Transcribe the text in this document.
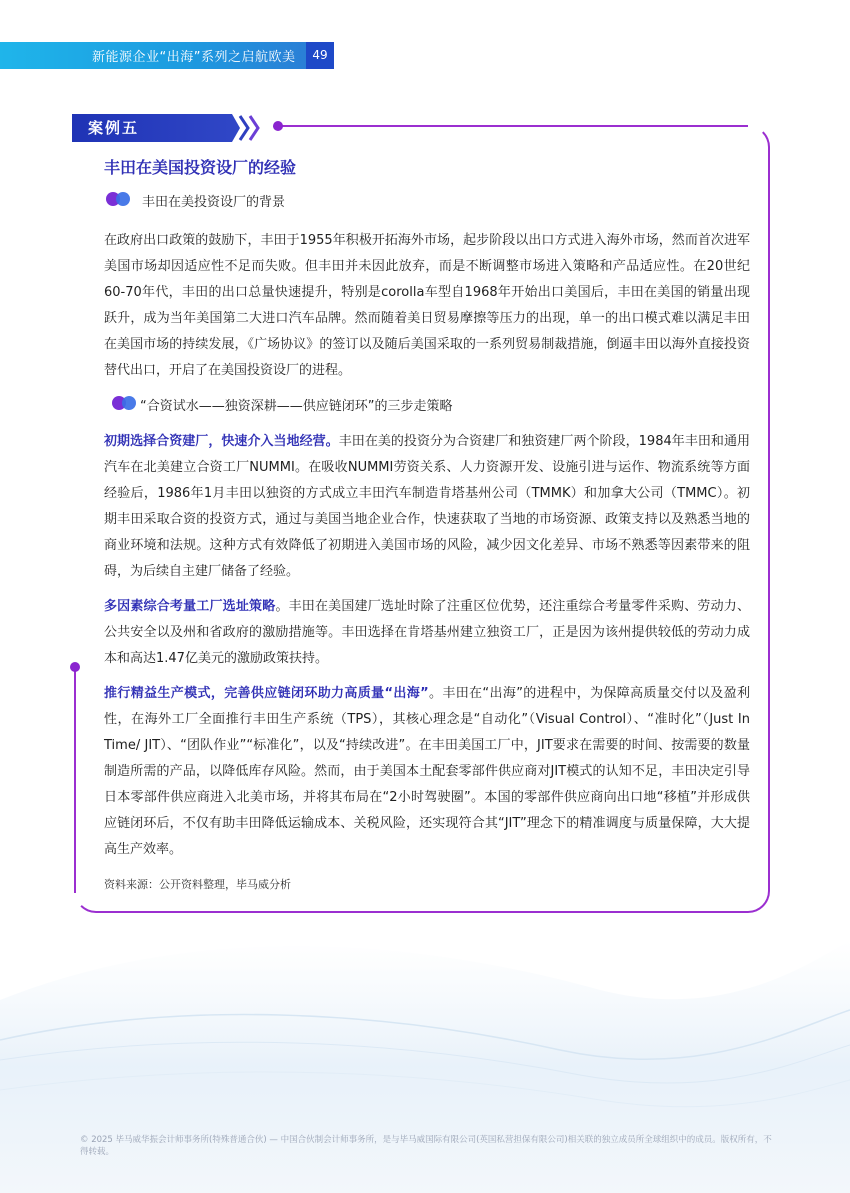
新能源企业“出海”系列之启航欧美	49
案例五
丰田在美国投资设厂的经验
丰田在美投资设厂的背景
在政府出口政策的鼓励下，丰田于1955年积极开拓海外市场，起步阶段以出口方式进入海外市场，然而首次进军美国市场却因适应性不足而失败。但丰田并未因此放弃，而是不断调整市场进入策略和产品适应性。在20世纪60-70年代，丰田的出口总量快速提升，特别是corolla车型自1968年开始出口美国后，丰田在美国的销量出现跃升，成为当年美国第二大进口汽车品牌。然而随着美日贸易摩擦等压力的出现，单一的出口模式难以满足丰田在美国市场的持续发展，《广场协议》的签订以及随后美国采取的一系列贸易制裁措施，倒逼丰田以海外直接投资替代出口，开启了在美国投资设厂的进程。
“合资试水——独资深耕——供应链闭环”的三步走策略
初期选择合资建厂，快速介入当地经营。丰田在美的投资分为合资建厂和独资建厂两个阶段，1984年丰田和通用汽车在北美建立合资工厂NUMMI。在吸收NUMMI劳资关系、人力资源开发、设施引进与运作、物流系统等方面经验后，1986年1月丰田以独资的方式成立丰田汽车制造肯塔基州公司（TMMK）和加拿大公司（TMMC）。初期丰田采取合资的投资方式，通过与美国当地企业合作，快速获取了当地的市场资源、政策支持以及熟悉当地的商业环境和法规。这种方式有效降低了初期进入美国市场的风险，减少因文化差异、市场不熟悉等因素带来的阻碍，为后续自主建厂储备了经验。
多因素综合考量工厂选址策略。丰田在美国建厂选址时除了注重区位优势，还注重综合考量零件采购、劳动力、公共安全以及州和省政府的激励措施等。丰田选择在肯塔基州建立独资工厂，正是因为该州提供较低的劳动力成本和高达1.47亿美元的激励政策扶持。
推行精益生产模式，完善供应链闭环助力高质量“出海”。丰田在“出海”的进程中，为保障高质量交付以及盈利性，在海外工厂全面推行丰田生产系统（TPS），其核心理念是“自动化”（Visual Control）、“准时化”（Just In Time/ JIT）、“团队作业”“标准化”，以及“持续改进”。在丰田美国工厂中，JIT要求在需要的时间、按需要的数量制造所需的产品，以降低库存风险。然而，由于美国本土配套零部件供应商对JIT模式的认知不足，丰田决定引导日本零部件供应商进入北美市场，并将其布局在“2小时驾驶圈”。本国的零部件供应商向出口地“移植”并形成供应链闭环后，不仅有助丰田降低运输成本、关税风险，还实现符合其“JIT”理念下的精准调度与质量保障，大大提高生产效率。
资料来源：公开资料整理，毕马威分析
© 2025 毕马威华振会计师事务所(特殊普通合伙) — 中国合伙制会计师事务所，是与毕马威国际有限公司(英国私营担保有限公司)相关联的独立成员所全球组织中的成员。版权所有，不得转载。
